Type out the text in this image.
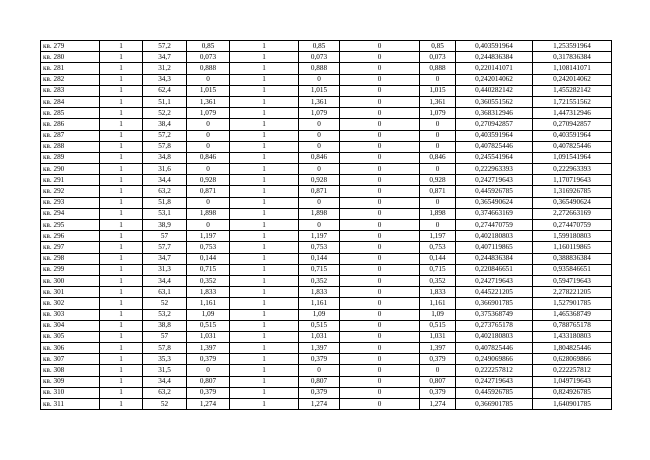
кв. 279	1	57,2	0,85	1	0,85	0	0,85	0,403591964	1,253591964
кв. 280	1	34,7	0,073	1	0,073	0	0,073	0,244836384	0,317836384
кв. 281	1	31,2	0,888	1	0,888	0	0,888	0,220141071	1,108141071
кв. 282	1	34,3	0	1	0	0	0	0,242014062	0,242014062
кв. 283	1	62,4	1,015	1	1,015	0	1,015	0,440282142	1,455282142
кв. 284	1	51,1	1,361	1	1,361	0	1,361	0,360551562	1,721551562
кв. 285	1	52,2	1,079	1	1,079	0	1,079	0,368312946	1,447312946
кв. 286	1	38,4	0	1	0	0	0	0,270942857	0,270942857
кв. 287	1	57,2	0	1	0	0	0	0,403591964	0,403591964
кв. 288	1	57,8	0	1	0	0	0	0,407825446	0,407825446
кв. 289	1	34,8	0,846	1	0,846	0	0,846	0,245541964	1,091541964
кв. 290	1	31,6	0	1	0	0	0	0,222963393	0,222963393
кв. 291	1	34,4	0,928	1	0,928	0	0,928	0,242719643	1,170719643
кв. 292	1	63,2	0,871	1	0,871	0	0,871	0,445926785	1,316926785
кв. 293	1	51,8	0	1	0	0	0	0,365490624	0,365490624
кв. 294	1	53,1	1,898	1	1,898	0	1,898	0,374663169	2,272663169
кв. 295	1	38,9	0	1	0	0	0	0,274470759	0,274470759
кв. 296	1	57	1,197	1	1,197	0	1,197	0,402180803	1,599180803
кв. 297	1	57,7	0,753	1	0,753	0	0,753	0,407119865	1,160119865
кв. 298	1	34,7	0,144	1	0,144	0	0,144	0,244836384	0,388836384
кв. 299	1	31,3	0,715	1	0,715	0	0,715	0,220846651	0,935846651
кв. 300	1	34,4	0,352	1	0,352	0	0,352	0,242719643	0,594719643
кв. 301	1	63,1	1,833	1	1,833	0	1,833	0,445221205	2,278221205
кв. 302	1	52	1,161	1	1,161	0	1,161	0,366901785	1,527901785
кв. 303	1	53,2	1,09	1	1,09	0	1,09	0,375368749	1,465368749
кв. 304	1	38,8	0,515	1	0,515	0	0,515	0,273765178	0,788765178
кв. 305	1	57	1,031	1	1,031	0	1,031	0,402180803	1,433180803
кв. 306	1	57,8	1,397	1	1,397	0	1,397	0,407825446	1,804825446
кв. 307	1	35,3	0,379	1	0,379	0	0,379	0,249069866	0,628069866
кв. 308	1	31,5	0	1	0	0	0	0,222257812	0,222257812
кв. 309	1	34,4	0,807	1	0,807	0	0,807	0,242719643	1,049719643
кв. 310	1	63,2	0,379	1	0,379	0	0,379	0,445926785	0,824926785
кв. 311	1	52	1,274	1	1,274	0	1,274	0,366901785	1,640901785
